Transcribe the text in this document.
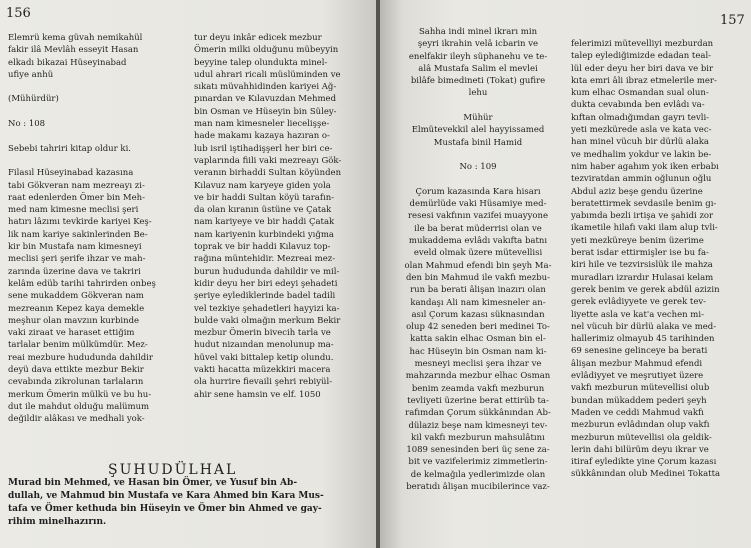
156
Elemrü kema güvah nemikahül
fakir ilâ Mevlâh esseyit Hasan
elkadı bikazai Hüseyinabad
ufiye anhü
(Mühürdür)
No : 108
Sebebi tahriri kitap oldur ki.
Filasıl Hüseyinabad kazasına
tabi Gökveran nam mezreayı zi-
raat edenlerden Ömer bin Meh-
med nam kimesne meclisi şeri
hatırı lâzımı tevkirde kariyei Keş-
lik nam kariye sakinlerinden Be-
kir bin Mustafa nam kimesneyi
meclisi şeri şerife ihzar ve mah-
zarında üzerine dava ve takriri
kelâm edüb tarihi tahrirden onbeş
sene mukaddem Gökveran nam
mezreanın Kepez kaya demekle
meşhur olan mavzıın kurbinde
vaki ziraat ve haraset ettiğim
tarlalar benim mülkümdür. Mez-
reai mezbure hududunda dahildir
deyü dava ettikte mezbur Bekir
cevabında zikrolunan tarlaların
merkum Ömerin mülkü ve bu hu-
dut ile mahdut olduğu malümum
değildir alâkası ve medhali yok-
tur deyu inkâr edicek mezbur
Ömerin milki olduğunu mübeyyin
beyyine talep olundukta minel-
udul ahrari ricali müslüminden ve
sıkatı müvahhidinden kariyei Ağ-
pınardan ve Kılavuzdan Mehmed
bin Osman ve Hüseyin bin Süley-
man nam kimesneler liecelişşe-
hade makamı kazaya hazıran o-
lub isril iştihadişşerl her biri ce-
vaplarında fiili vaki mezreayı Gök-
veranın birhaddi Sultan köyünden
Kılavuz nam karyeye giden yola
ve bir haddi Sultan köyü tarafın-
da olan kıranın üstüne ve Çatak
nam kariyeye ve bir haddi Çatak
nam kariyenin kurbindeki yığma
toprak ve bir haddi Kılavuz top-
rağına müntehidir. Mezreai mez-
burun hududunda dahildir ve mil-
kidir deyu her biri edeyi şehadeti
şeriye eylediklerinde badel tadili
vel tezkiye şehadetleri hayyizi ka-
bulde vaki olmağın merkum Bekir
mezbur Ömerin bivecih tarla ve
hudut nizaından menolunup ma-
hüvel vaki bittalep ketip olundu.
vakti hacatta müzekkiri macera
ola hurrire fievaili şehri rebiyül-
ahir sene hamsin ve elf. 1050
ŞUHUDÜLHAL
Murad bin Mehmed, ve Hasan bin Ömer, ve Yusuf bin Ab-
dullah, ve Mahmud bin Mustafa ve Kara Ahmed bin Kara Mus-
tafa ve Ömer kethuda bin Hüseyin ve Ömer bin Ahmed ve gay-
rihim minelhazırın.
157
Sahha indi minel ikrarı min
şeyri ikrahin velâ icbarin ve
enelfakir ileyh süphanehu ve te-
alâ Mustafa Salim el mevlei
bilâfe bimedineti (Tokat) gufire
lehu
Mühür
Elmütevekkil alel hayyissamed
Mustafa binil Hamid
No : 109
Çorum kazasında Kara hisarı
demürlüde vaki Hüsamiye med-
resesi vakfının vazifei muayyone
ile ba berat müderrisi olan ve
mukaddema evlâdı vakıfta batnı
eveld olmak üzere mütevellisi
olan Mahmud efendi bin şeyh Ma-
den bin Mahmud ile vakfı mezbu-
run ba berati âlişan inazırı olan
kandaşı Ali nam kimesneler an-
asıl Çorum kazası süknasından
olup 42 seneden beri medinei To-
katta sakin elhac Osman bin el-
hac Hüseyin bin Osman nam ki-
mesneyi meclisi şera ihzar ve
mahzarında mezbur elhac Osman
benim zeamda vakfı mezburun
tevliyeti üzerine berat ettirüb ta-
rafımdan Çorum sükkânından Ab-
dülaziz beşe nam kimesneyi tev-
kil vakfı mezburun mahsulâtını
1089 senesinden beri üç sene za-
bit ve vazifelerimiz zimmetlerin-
de kelmağıla yedlerimizde olan
beratıdı âlişan mucibilerince vaz-
felerimizi mütevelliyi mezburdan
talep eylediğimizde edadan teal-
lül eder deyu her biri dava ve bir
kıta emri âli ibraz etmelerile mer-
kum elhac Osmandan sual olun-
dukta cevabında ben evlâdı va-
kıftan olmadığımdan gayrı tevli-
yeti mezkürede asla ve kata vec-
han minel vücuh bir dürlü alaka
ve medhalim yokdur ve lakin be-
nim haber agahım yok iken erbabı
tezviratdan ammin oğlunun oğlu
Abdul aziz beşe gendu üzerine
beratettirmek sevdasile benim gı-
yabımda bezli irtişa ve şahidi zor
ikametile hilafı vaki ilam alup tvli-
yeti mezküreye benim üzerime
berat isdar ettirmişler ise bu fa-
kiri hile ve tezvirsislük ile mahza
muradları izrardır Hulasai kelam
gerek benim ve gerek abdül azizin
gerek evlâdiyyete ve gerek tev-
liyette asla ve kat'a vechen mi-
nel vücuh bir dürlü alaka ve med-
hallerimiz olmayub 45 tarihinden
69 senesine gelinceye ba berati
âlişan mezbur Mahmud efendi
evlâdiyyet ve meşrutiyet üzere
vakfı mezburun mütevellisi olub
bundan mükaddem pederi şeyh
Maden ve ceddi Mahmud vakfı
mezburun evlâdından olup vakfı
mezburun mütevellisi ola geldik-
lerin dahi bilürüm deyu ikrar ve
itiraf eyledikte yine Çorum kazası
sükkânından olub Medinei Tokatta
